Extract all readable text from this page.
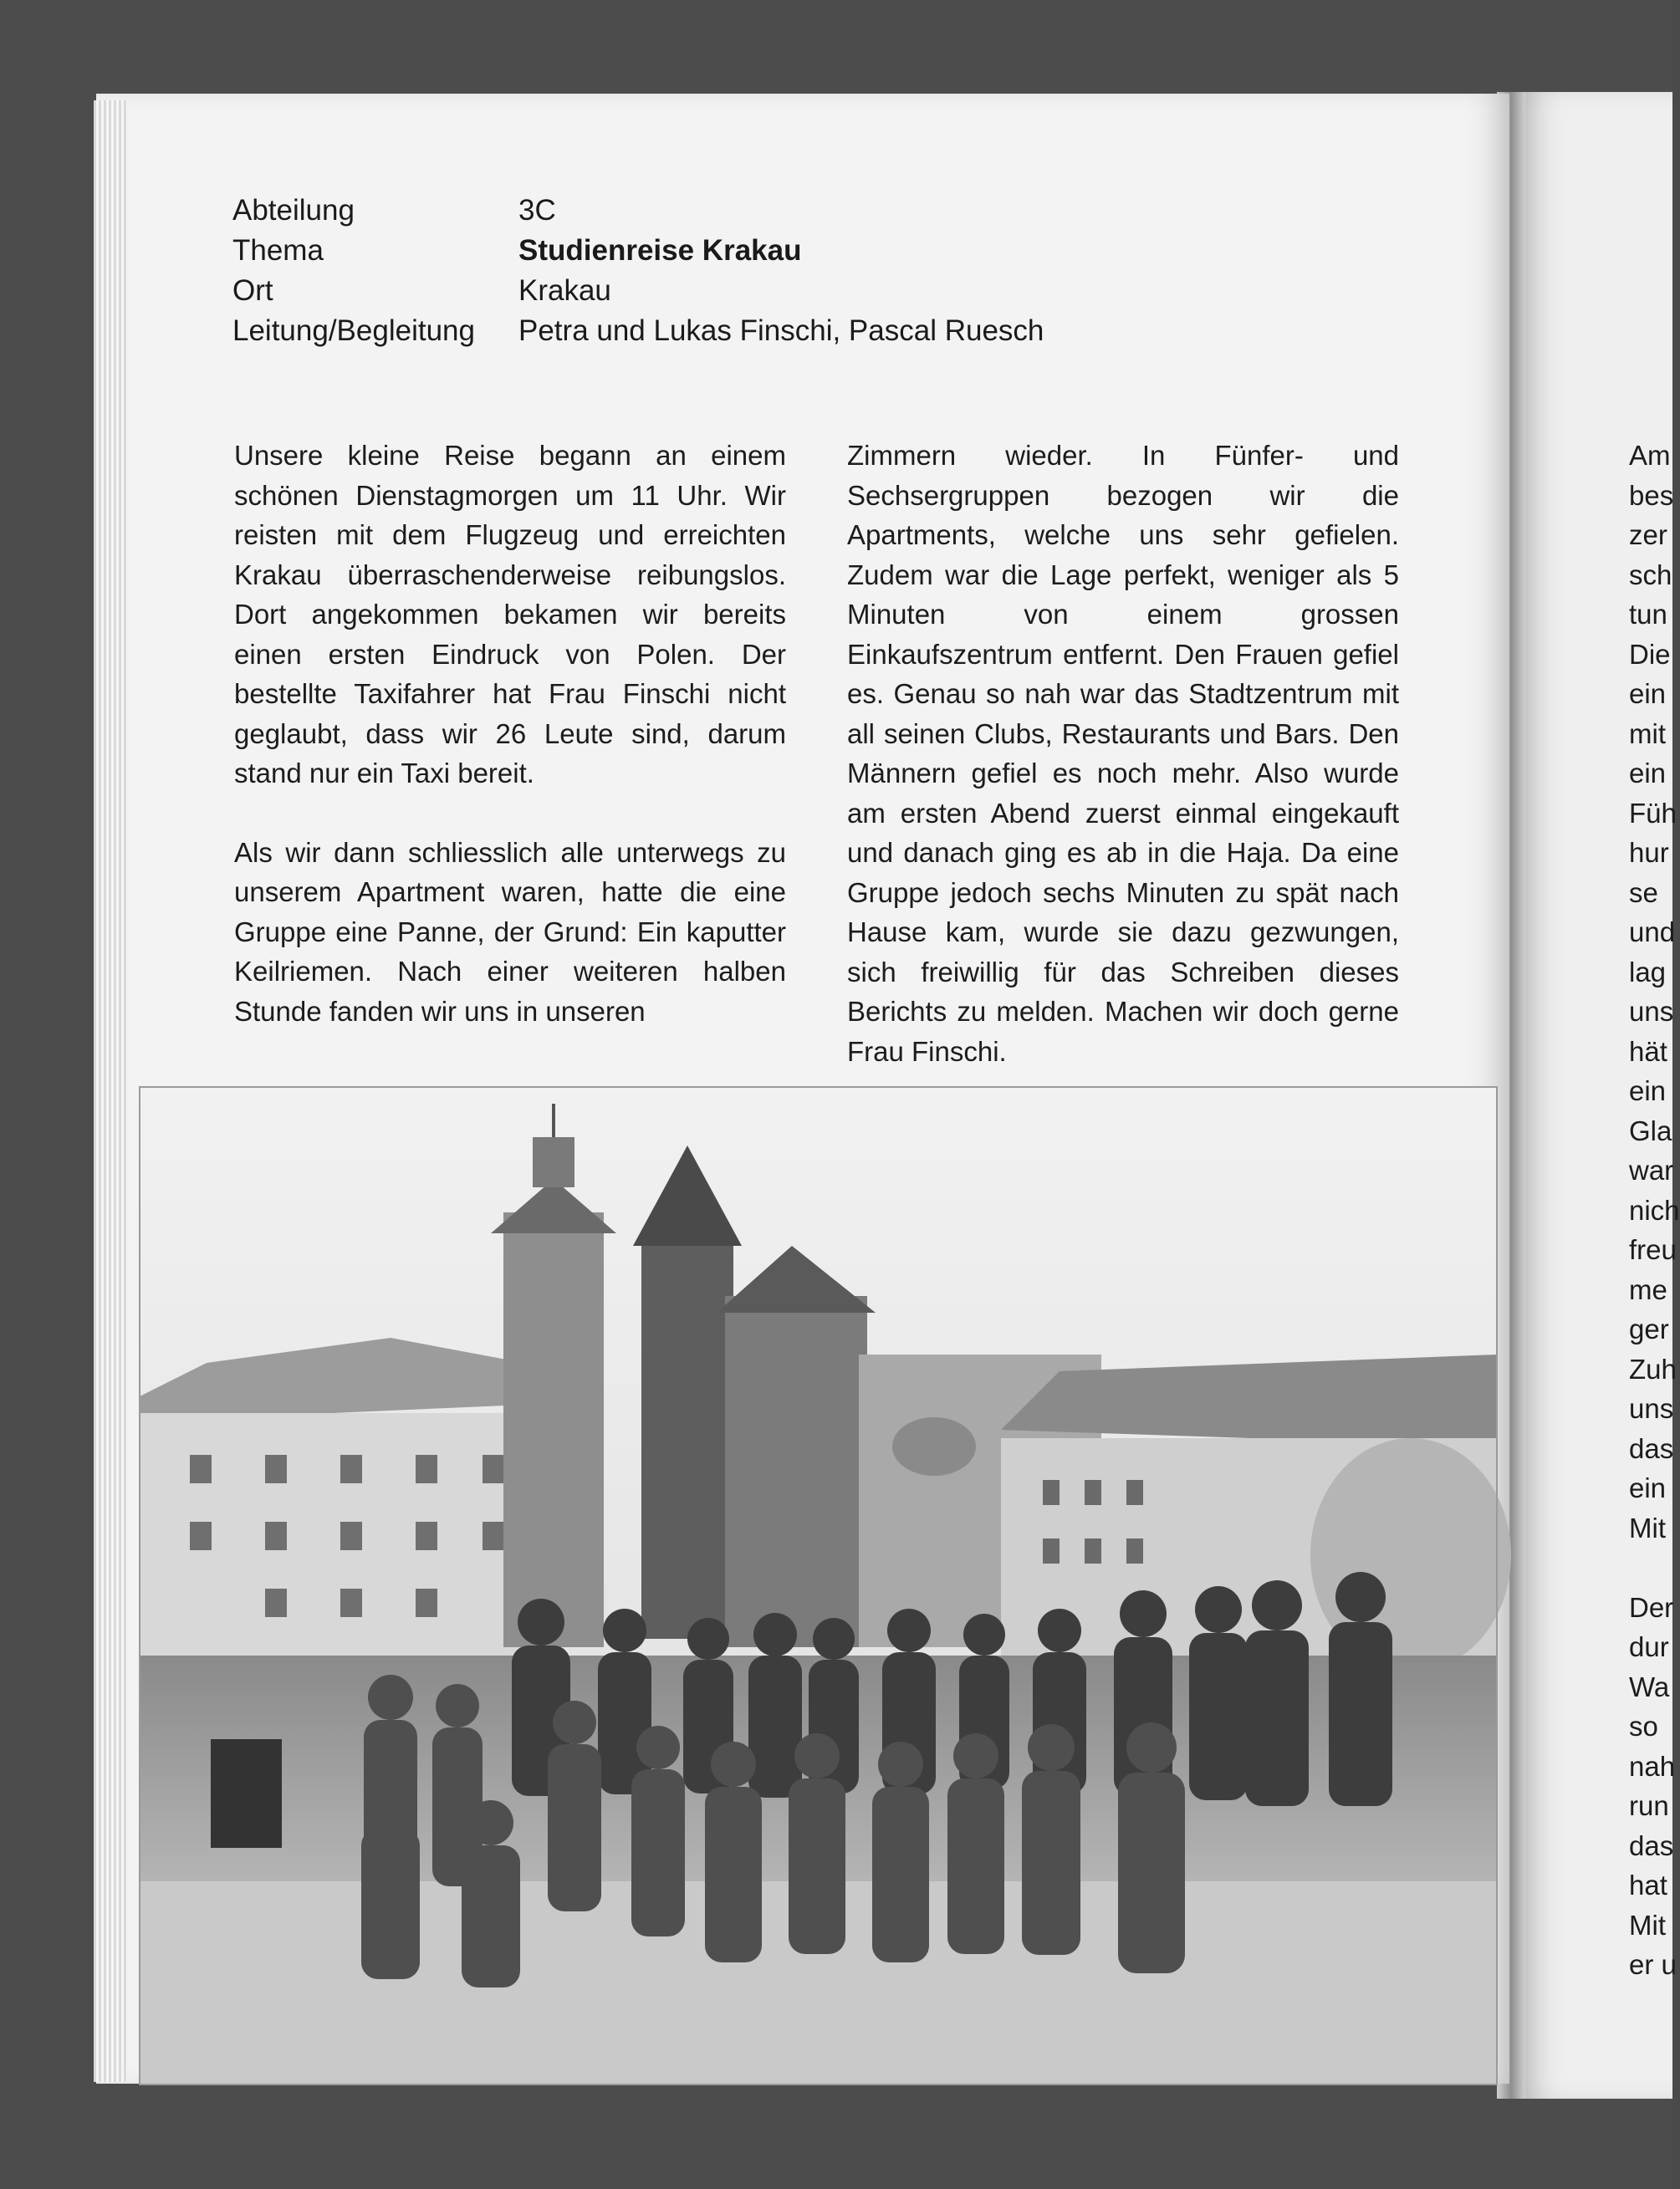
Abteilung	3C
Thema	Studienreise Krakau
Ort	Krakau
Leitung/Begleitung	Petra und Lukas Finschi, Pascal Ruesch

Unsere kleine Reise begann an einem schönen Dienstagmorgen um 11 Uhr. Wir reisten mit dem Flugzeug und erreichten Krakau überraschenderweise reibungslos. Dort angekommen bekamen wir bereits einen ersten Eindruck von Polen. Der bestellte Taxifahrer hat Frau Finschi nicht geglaubt, dass wir 26 Leute sind, darum stand nur ein Taxi bereit.

Als wir dann schliesslich alle unterwegs zu unserem Apartment waren, hatte die eine Gruppe eine Panne, der Grund: Ein kaputter Keilriemen. Nach einer weiteren halben Stunde fanden wir uns in unseren

Zimmern wieder. In Fünfer- und Sechsergruppen bezogen wir die Apartments, welche uns sehr gefielen. Zudem war die Lage perfekt, weniger als 5 Minuten von einem grossen Einkaufszentrum entfernt. Den Frauen gefiel es. Genau so nah war das Stadtzentrum mit all seinen Clubs, Restaurants und Bars. Den Männern gefiel es noch mehr. Also wurde am ersten Abend zuerst einmal eingekauft und danach ging es ab in die Haja. Da eine Gruppe jedoch sechs Minuten zu spät nach Hause kam, wurde sie dazu gezwungen, sich freiwillig für das Schreiben dieses Berichts zu melden. Machen wir doch gerne Frau Finschi.

Am
bes
zer
sch
tun
Die
ein
mit
ein
Füh
hur
se
und
lag
uns
hät
ein
Gla
war
nich
freu
me
ger
Zuh
uns
das
ein
Mit

Der
dur
Wa
so
nah
run
das
hat
Mit
er u
